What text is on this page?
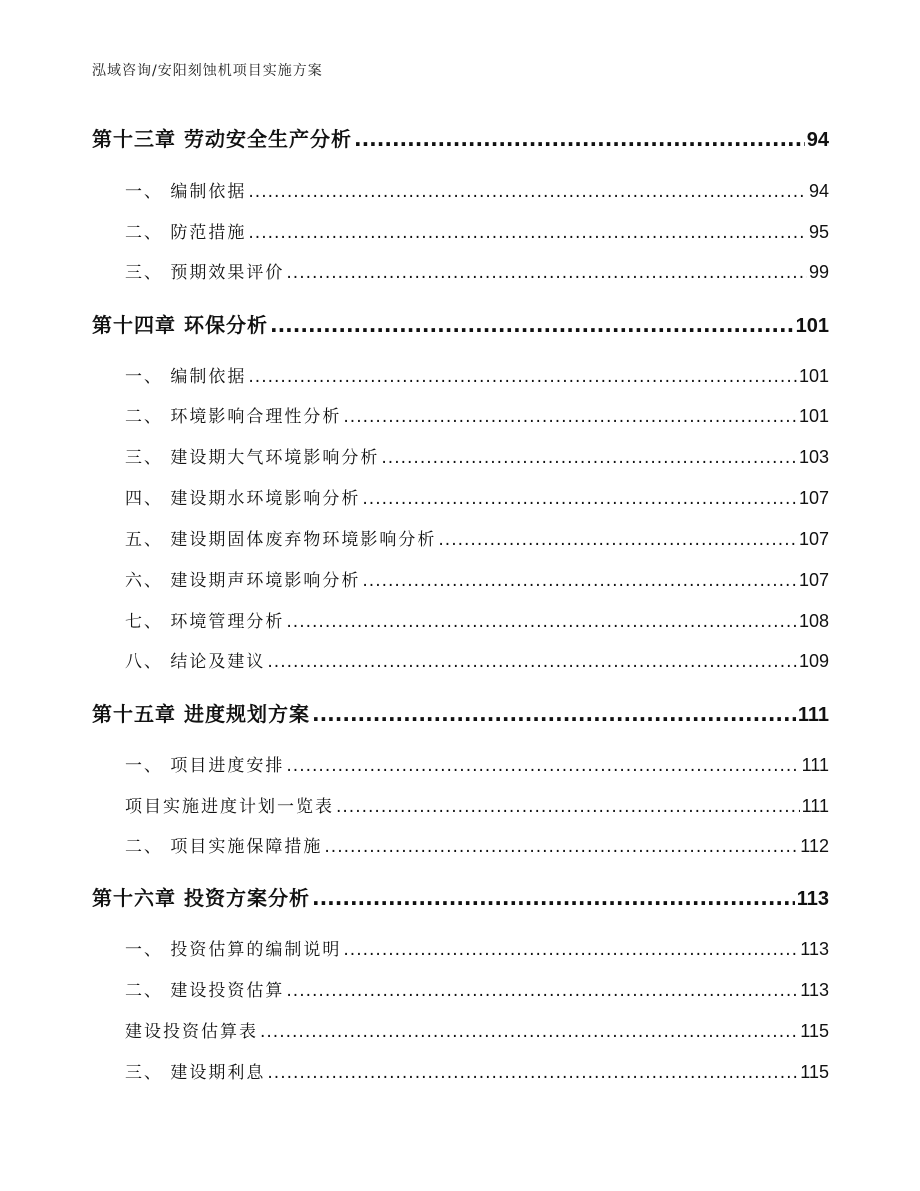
泓域咨询/安阳刻蚀机项目实施方案
第十三章 劳动安全生产分析 .....	94
一、 编制依据 .....	94
二、 防范措施 .....	95
三、 预期效果评价 .....	99
第十四章 环保分析 .....	101
一、 编制依据 .....	101
二、 环境影响合理性分析 .....	101
三、 建设期大气环境影响分析 .....	103
四、 建设期水环境影响分析 .....	107
五、 建设期固体废弃物环境影响分析 .....	107
六、 建设期声环境影响分析 .....	107
七、 环境管理分析 .....	108
八、 结论及建议 .....	109
第十五章 进度规划方案 .....	111
一、 项目进度安排 .....	111
项目实施进度计划一览表 .....	111
二、 项目实施保障措施 .....	112
第十六章 投资方案分析 .....	113
一、 投资估算的编制说明 .....	113
二、 建设投资估算 .....	113
建设投资估算表 .....	115
三、 建设期利息 .....	115
